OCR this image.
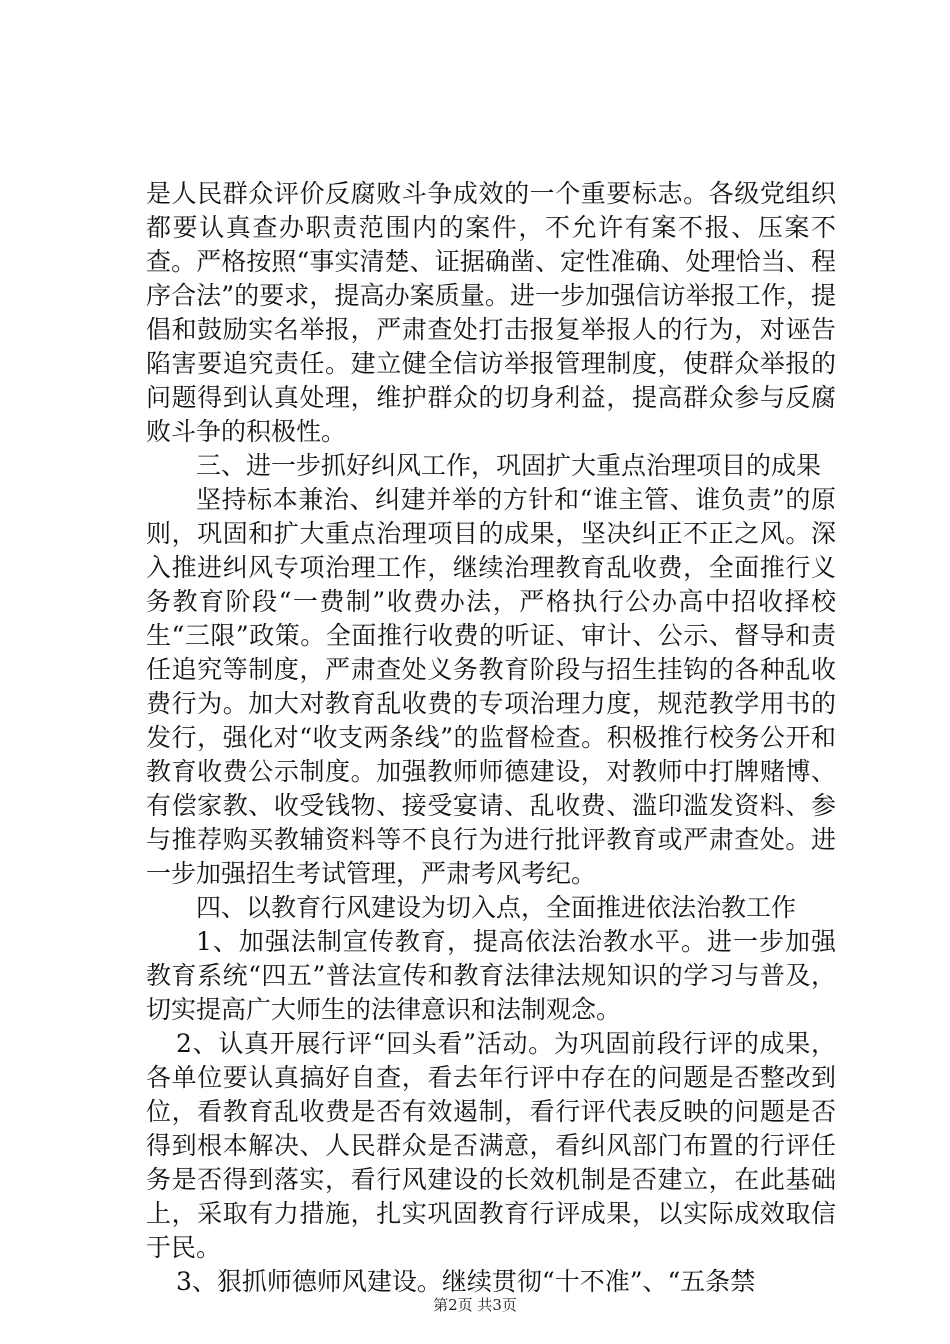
是人民群众评价反腐败斗争成效的一个重要标志。各级党组织都要认真查办职责范围内的案件，不允许有案不报、压案不查。严格按照“事实清楚、证据确凿、定性准确、处理恰当、程序合法”的要求，提高办案质量。进一步加强信访举报工作，提倡和鼓励实名举报，严肃查处打击报复举报人的行为，对诬告陷害要追究责任。建立健全信访举报管理制度，使群众举报的问题得到认真处理，维护群众的切身利益，提高群众参与反腐败斗争的积极性。

三、进一步抓好纠风工作，巩固扩大重点治理项目的成果

坚持标本兼治、纠建并举的方针和“谁主管、谁负责”的原则，巩固和扩大重点治理项目的成果，坚决纠正不正之风。深入推进纠风专项治理工作，继续治理教育乱收费，全面推行义务教育阶段“一费制”收费办法，严格执行公办高中招收择校生“三限”政策。全面推行收费的听证、审计、公示、督导和责任追究等制度，严肃查处义务教育阶段与招生挂钩的各种乱收费行为。加大对教育乱收费的专项治理力度，规范教学用书的发行，强化对“收支两条线”的监督检查。积极推行校务公开和教育收费公示制度。加强教师师德建设，对教师中打牌赌博、有偿家教、收受钱物、接受宴请、乱收费、滥印滥发资料、参与推荐购买教辅资料等不良行为进行批评教育或严肃查处。进一步加强招生考试管理，严肃考风考纪。

四、以教育行风建设为切入点，全面推进依法治教工作

1、加强法制宣传教育，提高依法治教水平。进一步加强教育系统“四五”普法宣传和教育法律法规知识的学习与普及，切实提高广大师生的法律意识和法制观念。

2、认真开展行评“回头看”活动。为巩固前段行评的成果，各单位要认真搞好自查，看去年行评中存在的问题是否整改到位，看教育乱收费是否有效遏制，看行评代表反映的问题是否得到根本解决、人民群众是否满意，看纠风部门布置的行评任务是否得到落实，看行风建设的长效机制是否建立，在此基础上，采取有力措施，扎实巩固教育行评成果，以实际成效取信于民。

3、狠抓师德师风建设。继续贯彻“十不准”、“五条禁

第2页 共3页
